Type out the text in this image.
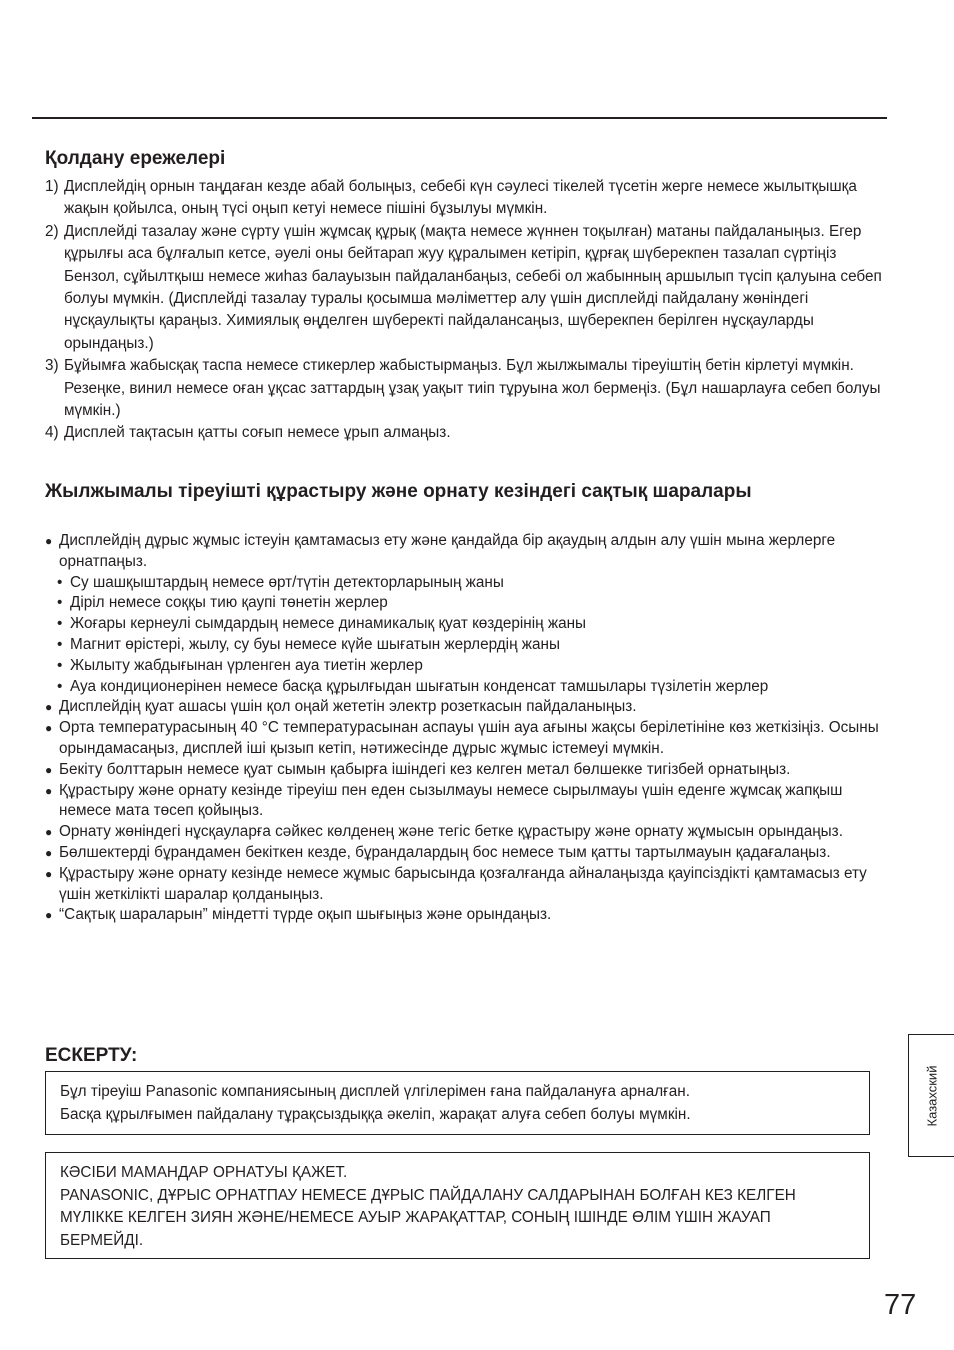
Қолдану ережелері
1) Дисплейдің орнын таңдаған кезде абай болыңыз, себебі күн сәулесі тікелей түсетін жерге немесе жылытқышқа жақын қойылса, оның түсі оңып кетуі немесе пішіні бұзылуы мүмкін.
2) Дисплейді тазалау және сүрту үшін жұмсақ құрық (мақта немесе жүннен тоқылған) матаны пайдаланыңыз. Егер құрылғы аса бұлғалып кетсе, әуелі оны бейтарап жуу құралымен кетіріп, құрғақ шүберекпен тазалап сүртіңіз Бензол, сұйылтқыш немесе жиһаз балауызын пайдаланбаңыз, себебі ол жабынның аршылып түсіп қалуына себеп болуы мүмкін. (Дисплейді тазалау туралы қосымша мәліметтер алу үшін дисплейді пайдалану жөніндегі нұсқаулықты қараңыз. Химиялық өңделген шүберекті пайдалансаңыз, шүберекпен берілген нұсқауларды орындаңыз.)
3) Бұйымға жабысқақ таспа немесе стикерлер жабыстырмаңыз. Бұл жылжымалы тіреуіштің бетін кірлетуі мүмкін. Резеңке, винил немесе оған ұқсас заттардың ұзақ уақыт тиіп тұруына жол бермеңіз. (Бұл нашарлауға себеп болуы мүмкін.)
4) Дисплей тақтасын қатты соғып немесе ұрып алмаңыз.
Жылжымалы тіреуішті құрастыру және орнату кезіндегі сақтық шаралары
● Дисплейдің дұрыс жұмыс істеуін қамтамасыз ету және қандайда бір ақаудың алдын алу үшін мына жерлерге орнатпаңыз.
• Су шашқыштардың немесе өрт/түтін детекторларының жаны
• Діріл немесе соққы тию қаупі төнетін жерлер
• Жоғары кернеулі сымдардың немесе динамикалық қуат көздерінің жаны
• Магнит өрістері, жылу, су буы немесе күйе шығатын жерлердің жаны
• Жылыту жабдығынан үрленген ауа тиетін жерлер
• Ауа кондиционерінен немесе басқа құрылғыдан шығатын конденсат тамшылары түзілетін жерлер
● Дисплейдің қуат ашасы үшін қол оңай жететін электр розеткасын пайдаланыңыз.
● Орта температурасының 40 °C температурасынан аспауы үшін ауа ағыны жақсы берілетініне көз жеткізіңіз. Осыны орындамасаңыз, дисплей іші қызып кетіп, нәтижесінде дұрыс жұмыс істемеуі мүмкін.
● Бекіту болттарын немесе қуат сымын қабырға ішіндегі кез келген метал бөлшекке тигізбей орнатыңыз.
● Құрастыру және орнату кезінде тіреуіш пен еден сызылмауы немесе сырылмауы үшін еденге жұмсақ жапқыш немесе мата төсеп қойыңыз.
● Орнату жөніндегі нұсқауларға сәйкес көлденең және тегіс бетке құрастыру және орнату жұмысын орындаңыз.
● Бөлшектерді бұрандамен бекіткен кезде, бұрандалардың бос немесе тым қатты тартылмауын қадағалаңыз.
● Құрастыру және орнату кезінде немесе жұмыс барысында қозғалғанда айналаңызда қауіпсіздікті қамтамасыз ету үшін жеткілікті шаралар қолданыңыз.
● “Сақтық шараларын” міндетті түрде оқып шығыңыз және орындаңыз.
ЕСКЕРТУ:

Бұл тіреуіш Panasonic компаниясының дисплей үлгілерімен ғана пайдалануға арналған.

Басқа құрылғымен пайдалану тұрақсыздыққа әкеліп, жарақат алуға себеп болуы мүмкін.

КӘСІБИ МАМАНДАР ОРНАТУЫ ҚАЖЕТ.

PANASONIC, ДҰРЫС ОРНАТПАУ НЕМЕСЕ ДҰРЫС ПАЙДАЛАНУ САЛДАРЫНАН БОЛҒАН КЕЗ КЕЛГЕН МҮЛІККЕ КЕЛГЕН ЗИЯН ЖӘНЕ/НЕМЕСЕ АУЫР ЖАРАҚАТТАР, СОНЫҢ ІШІНДЕ ӨЛІМ ҮШІН ЖАУАП БЕРМЕЙДІ.

Казахский
77
